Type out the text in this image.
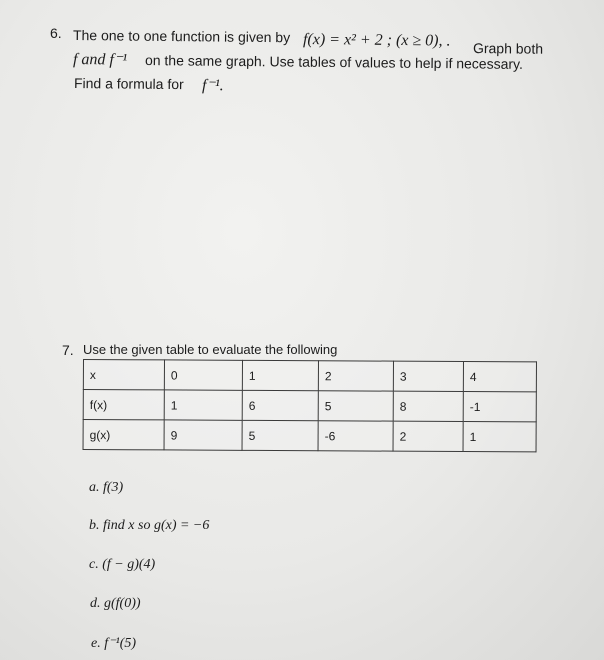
6. The one to one function is given by f(x) = x² + 2 ; (x ≥ 0), . Graph both
f and f⁻¹ on the same graph. Use tables of values to help if necessary.
Find a formula for f⁻¹.
7. Use the given table to evaluate the following
x	0	1	2	3	4
f(x)	1	6	5	8	-1
g(x)	9	5	-6	2	1
a. f(3)
b. find x so g(x) = −6
c. (f − g)(4)
d. g(f(0))
e. f⁻¹(5)
